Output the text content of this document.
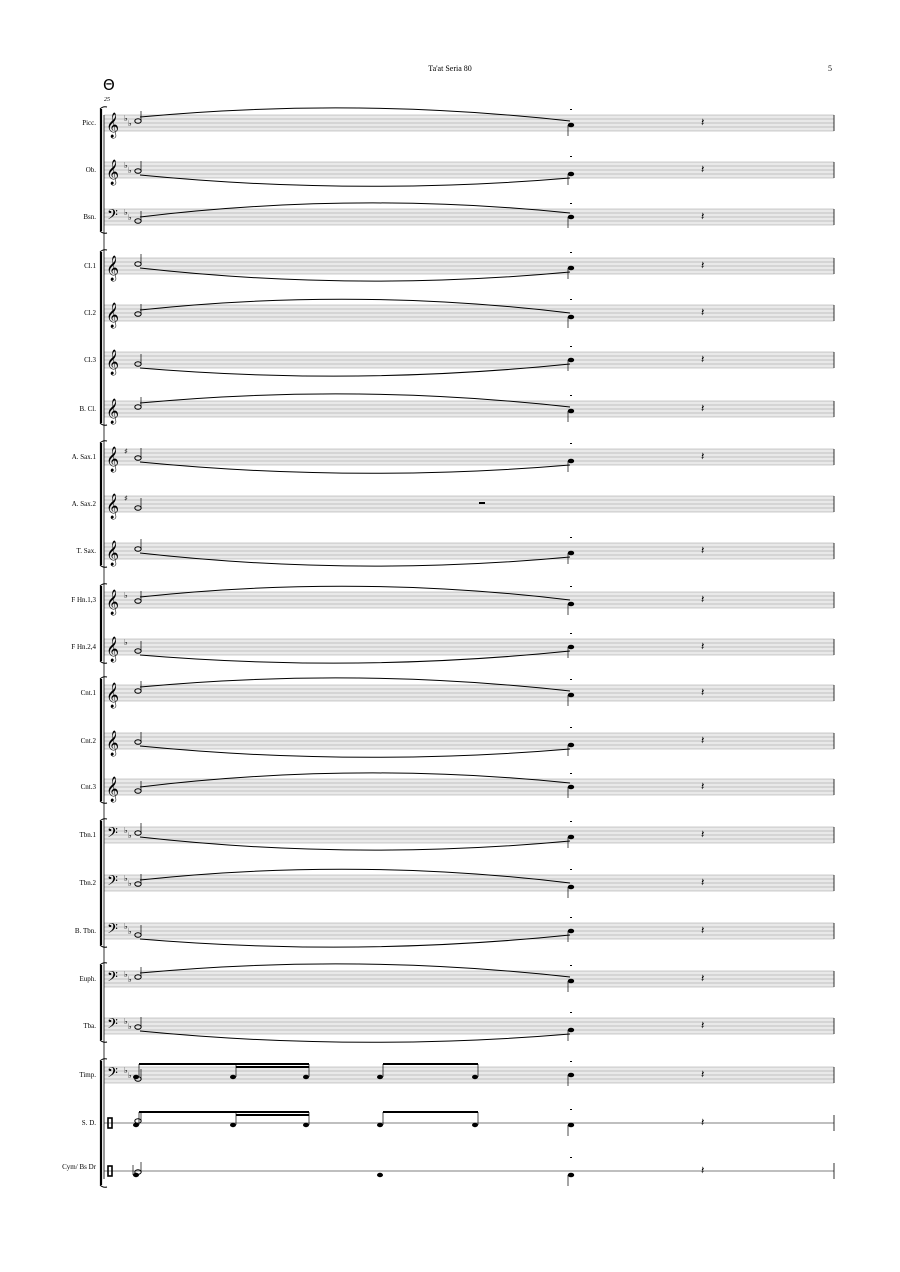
Ta'at Seria 80	5
Θ
25
𝄞 ♭
♭	𝄽
𝄞 ♭
♭	𝄽
𝄢 ♭
♭	𝄽
𝄞	𝄽
𝄞	𝄽
𝄞	𝄽
𝄞	𝄽
𝄞 ♯	𝄽
𝄞 ♯
𝄞	𝄽
𝄞 ♭	𝄽
𝄞 ♭	𝄽
𝄞	𝄽
𝄞	𝄽
𝄞	𝄽
𝄢 ♭
♭	𝄽
𝄢 ♭
♭	𝄽
𝄢 ♭
♭	𝄽
𝄢 ♭
♭	𝄽
𝄢 ♭
♭	𝄽
𝄢 ♭
♭	𝄽
𝄽
𝄽
Picc.
Ob.
Bsn.
Cl.1
Cl.2
Cl.3
B. Cl.
A. Sax.1
A. Sax.2
T. Sax.
F Hn.1,3
F Hn.2,4
Cnt.1
Cnt.2
Cnt.3
Tbn.1
Tbn.2
B. Tbn.
Euph.
Tba.
Timp.
S. D.
Cym/ Bs Dr
